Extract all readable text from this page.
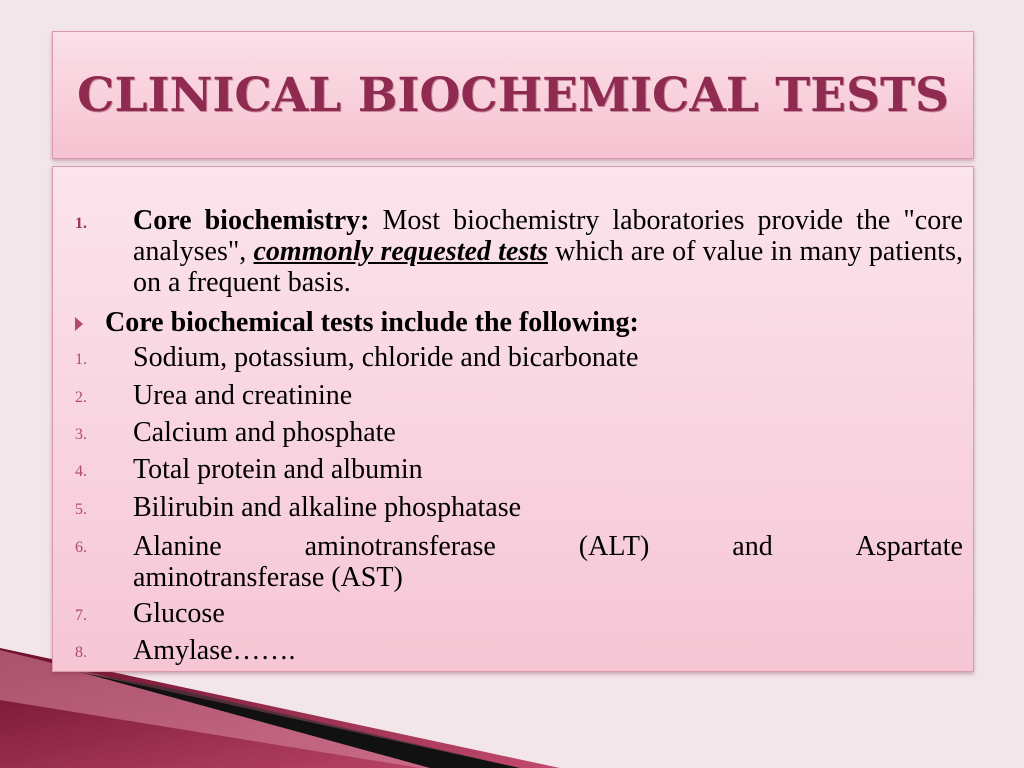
CLINICAL BIOCHEMICAL TESTS
1. Core biochemistry: Most biochemistry laboratories provide the "core analyses", commonly requested tests which are of value in many patients, on a frequent basis.
Core biochemical tests include the following:
1. Sodium, potassium, chloride and bicarbonate
2. Urea and creatinine
3. Calcium and phosphate
4. Total protein and albumin
5. Bilirubin and alkaline phosphatase
6. Alanine	aminotransferase	(ALT)	and	Aspartate
aminotransferase (AST)
7. Glucose
8. Amylase…….
